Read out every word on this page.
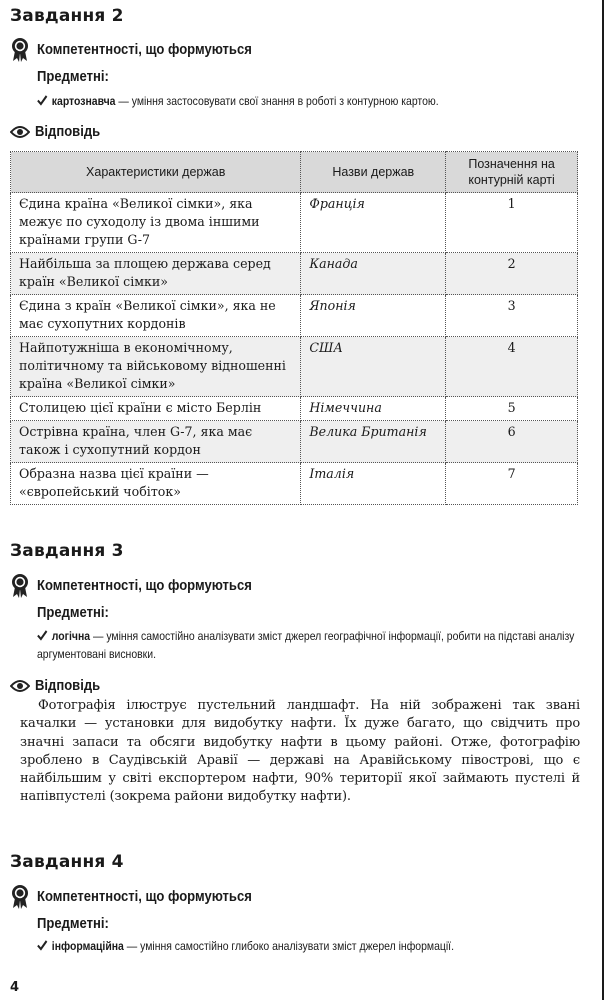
Завдання 2
Компетентності, що формуються
Предметні:
картознавча — уміння застосовувати свої знання в роботі з контурною картою.
Відповідь
Характеристики держав	Назви держав	Позначення на контурній карті
Єдина країна «Великої сімки», яка межує по суходолу із двома іншими країнами групи G-7	Франція	1
Найбільша за площею держава серед країн «Великої сімки»	Канада	2
Єдина з країн «Великої сімки», яка не має сухопутних кордонів	Японія	3
Найпотужніша в економічному, політичному та військовому відношенні країна «Великої сімки»	США	4
Столицею цієї країни є місто Берлін	Німеччина	5
Острівна країна, член G-7, яка має також і сухопутний кордон	Велика Британія	6
Образна назва цієї країни — «європейський чобіток»	Італія	7
Завдання 3
Компетентності, що формуються
Предметні:
логічна — уміння самостійно аналізувати зміст джерел географічної інформації, робити на підставі аналізу аргументовані висновки.
Відповідь
Фотографія ілюструє пустельний ландшафт. На ній зображені так звані качалки — установки для видобутку нафти. Їх дуже багато, що свідчить про значні запаси та обсяги видобутку нафти в цьому районі. Отже, фотографію зроблено в Саудівській Аравії — державі на Аравійському півострові, що є найбільшим у світі експортером нафти, 90% території якої займають пустелі й напівпустелі (зокрема райони видобутку нафти).
Завдання 4
Компетентності, що формуються
Предметні:
інформаційна — уміння самостійно глибоко аналізувати зміст джерел інформації.
4
